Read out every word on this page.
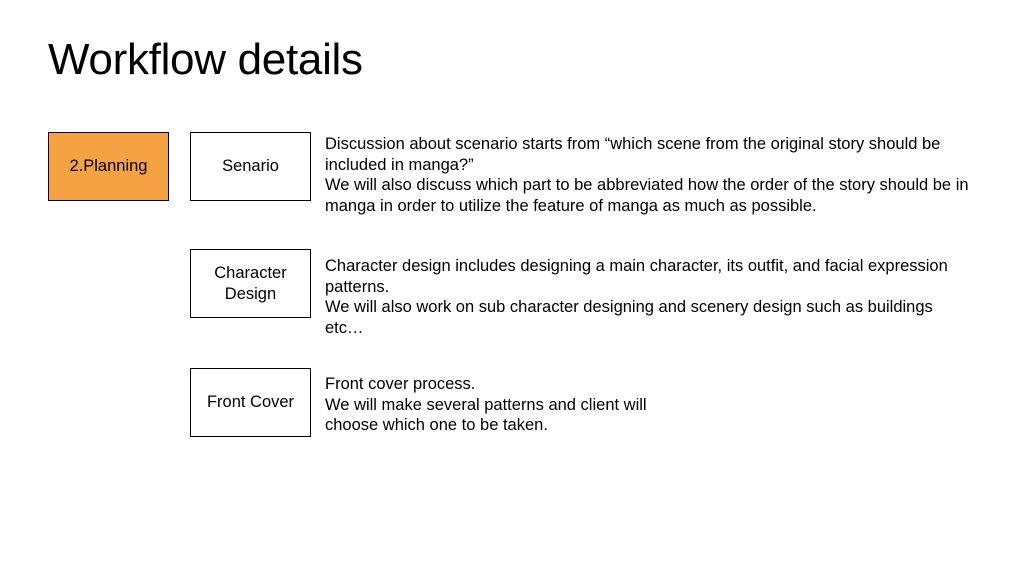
Workflow details
2.Planning	Senario
Discussion about scenario starts from “which scene from the original story should be
included in manga?”
We will also discuss which part to be abbreviated how the order of the story should be in
manga in order to utilize the feature of manga as much as possible.
Character
Design
Character design includes designing a main character, its outfit, and facial expression
patterns.
We will also work on sub character designing and scenery design such as buildings
etc…
Front Cover
Front cover process.
We will make several patterns and client will
choose which one to be taken.
